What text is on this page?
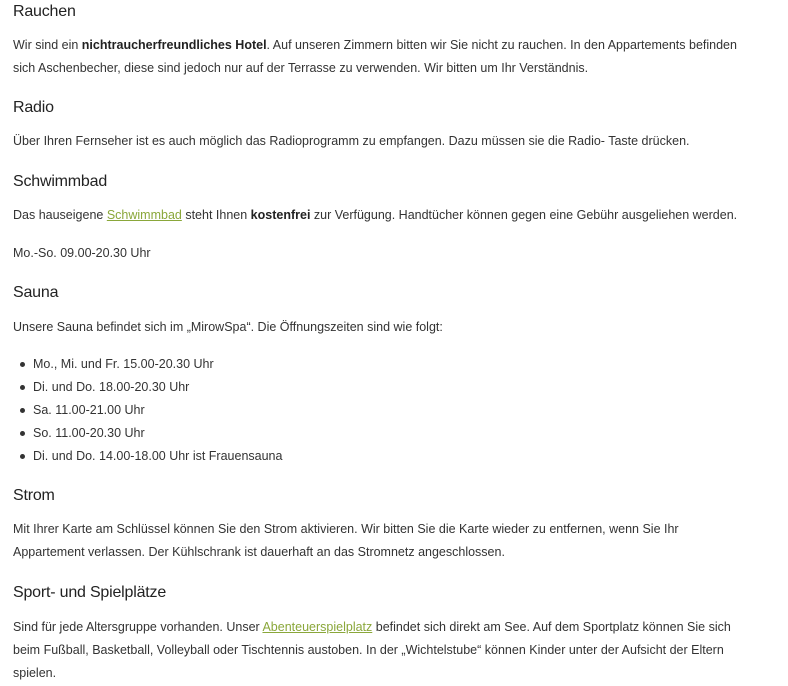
Rauchen

Wir sind ein nichtraucherfreundliches Hotel. Auf unseren Zimmern bitten wir Sie nicht zu rauchen. In den Appartements befinden
sich Aschenbecher, diese sind jedoch nur auf der Terrasse zu verwenden. Wir bitten um Ihr Verständnis.

Radio

Über Ihren Fernseher ist es auch möglich das Radioprogramm zu empfangen. Dazu müssen sie die Radio- Taste drücken.

Schwimmbad

Das hauseigene Schwimmbad steht Ihnen kostenfrei zur Verfügung. Handtücher können gegen eine Gebühr ausgeliehen werden.

Mo.-So. 09.00-20.30 Uhr

Sauna

Unsere Sauna befindet sich im „MirowSpa“. Die Öffnungszeiten sind wie folgt:

Mo., Mi. und Fr. 15.00-20.30 Uhr
Di. und Do. 18.00-20.30 Uhr
Sa. 11.00-21.00 Uhr
So. 11.00-20.30 Uhr
Di. und Do. 14.00-18.00 Uhr ist Frauensauna
Strom

Mit Ihrer Karte am Schlüssel können Sie den Strom aktivieren. Wir bitten Sie die Karte wieder zu entfernen, wenn Sie Ihr
Appartement verlassen. Der Kühlschrank ist dauerhaft an das Stromnetz angeschlossen.

Sport- und Spielplätze

Sind für jede Altersgruppe vorhanden. Unser Abenteuerspielplatz befindet sich direkt am See. Auf dem Sportplatz können Sie sich
beim Fußball, Basketball, Volleyball oder Tischtennis austoben. In der „Wichtelstube“ können Kinder unter der Aufsicht der Eltern
spielen.
